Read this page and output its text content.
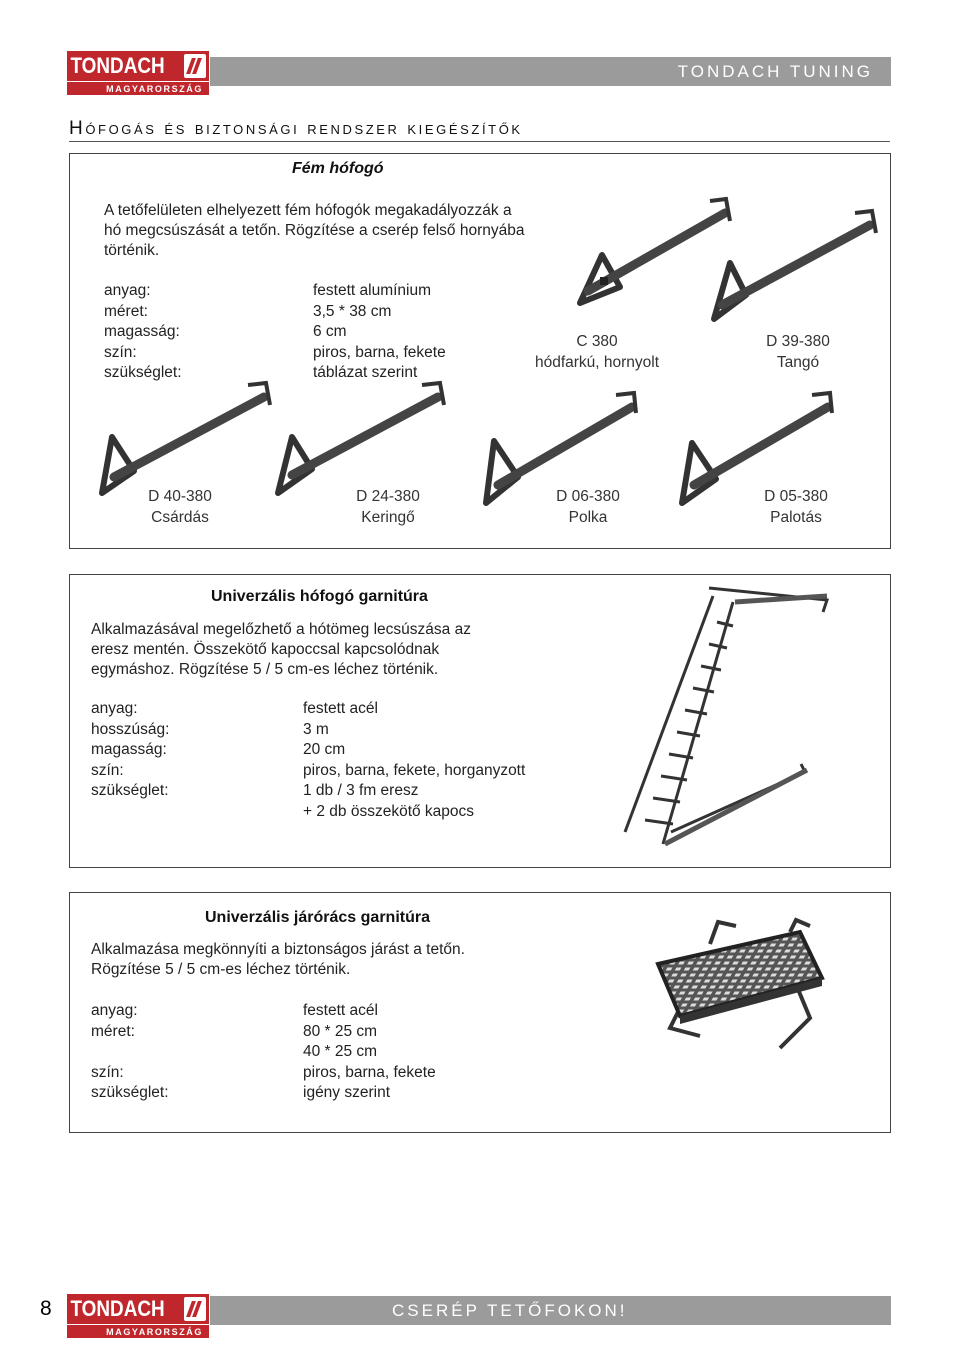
TONDACH
MAGYARORSZÁG
TONDACH TUNING
Hófogás és biztonsági rendszer kiegészítők
Fém hófogó
A tetőfelületen elhelyezett fém hófogók megakadályozzák a
hó megcsúszását a tetőn. Rögzítése a cserép felső hornyába
történik.
anyag:
méret:
magasság:
szín:
szükséglet:
festett alumínium
3,5 * 38 cm
6 cm
piros, barna, fekete
táblázat szerint
C 380
hódfarkú, hornyolt
D 39-380
Tangó
D 40-380
Csárdás
D 24-380
Keringő
D 06-380
Polka
D 05-380
Palotás
Univerzális hófogó garnitúra
Alkalmazásával megelőzhető a hótömeg lecsúszása az
eresz mentén. Összekötő kapoccsal kapcsolódnak
egymáshoz. Rögzítése 5 / 5 cm-es léchez történik.
anyag:
hosszúság:
magasság:
szín:
szükséglet:
festett acél
3 m
20 cm
piros, barna, fekete, horganyzott
1 db / 3 fm eresz
+ 2 db összekötő kapocs
Univerzális járórács garnitúra
Alkalmazása megkönnyíti a biztonságos járást a tetőn.
Rögzítése 5 / 5 cm-es léchez történik.
anyag:
méret:

szín:
szükséglet:
festett acél
80 * 25 cm
40 * 25 cm
piros, barna, fekete
igény szerint
8 TONDACH
MAGYARORSZÁG
CSERÉP TETŐFOKON!
